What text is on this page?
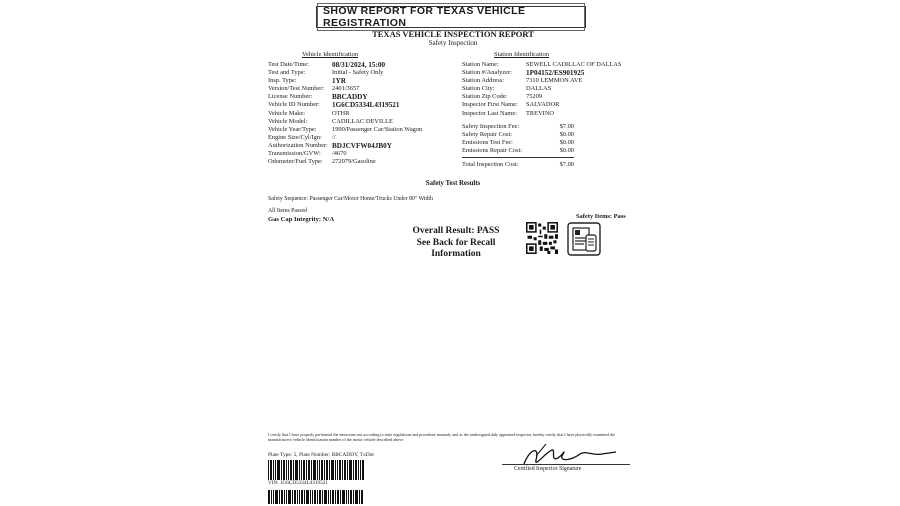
SHOW REPORT FOR TEXAS VEHICLE REGISTRATION
TEXAS VEHICLE INSPECTION REPORT
Safety Inspection
Vehicle Identification	Station Identification
Test Date/Time:	08/31/2024, 15:00
Test and Type:	Initial - Safety Only
Insp. Type:	1YR
Version/Test Number:	2401/3657
License Number:	BBCADDY
Vehicle ID Number:	1G6CD5334L4319521
Vehicle Make:	OTHR
Vehicle Model:	CADILLAC DEVILLE
Vehicle Year/Type:	1990/Passenger Car/Station Wagon
Engine Size/Cyl/Ign:	//
Authorization Number: BDJCVFW04JB0Y
Transmission/GVW:	/4670
Odometer/Fuel Type:	272079/Gasoline
Station Name:	SEWELL CADILLAC OF DALLAS
Station #/Analyzer:	1P04152/ES901925
Station Address:	7310 LEMMON AVE
Station City:	DALLAS
Station Zip Code:	75209
Inspector First Name:	SALVADOR
Inspector Last Name:	TREVINO
Safety Inspection Fee:	$7.00
Safety Repair Cost:	$0.00
Emissions Test Fee:	$0.00
Emissions Repair Cost:	$0.00
Total Inspection Cost:	$7.00
Safety Test Results
Safety Sequence: Passenger Car/Motor Home/Trucks Under 80" Width
All Items Passed
Gas Cap Integrity: N/A	Safety Items: Pass
Overall Result: PASS
See Back for Recall
Information
I certify that I have properly performed the emissions test according to state regulations and procedure manuals, and as the undersigned duly appointed inspector, hereby certify that I have physically examined the manufacturer's vehicle identification number of the motor vehicle described above.
Plate Type: 5, Plate Number: BBCADDY, TxDot
VIN: 1G6CD5334L4319521
Certified Inspector Signature
